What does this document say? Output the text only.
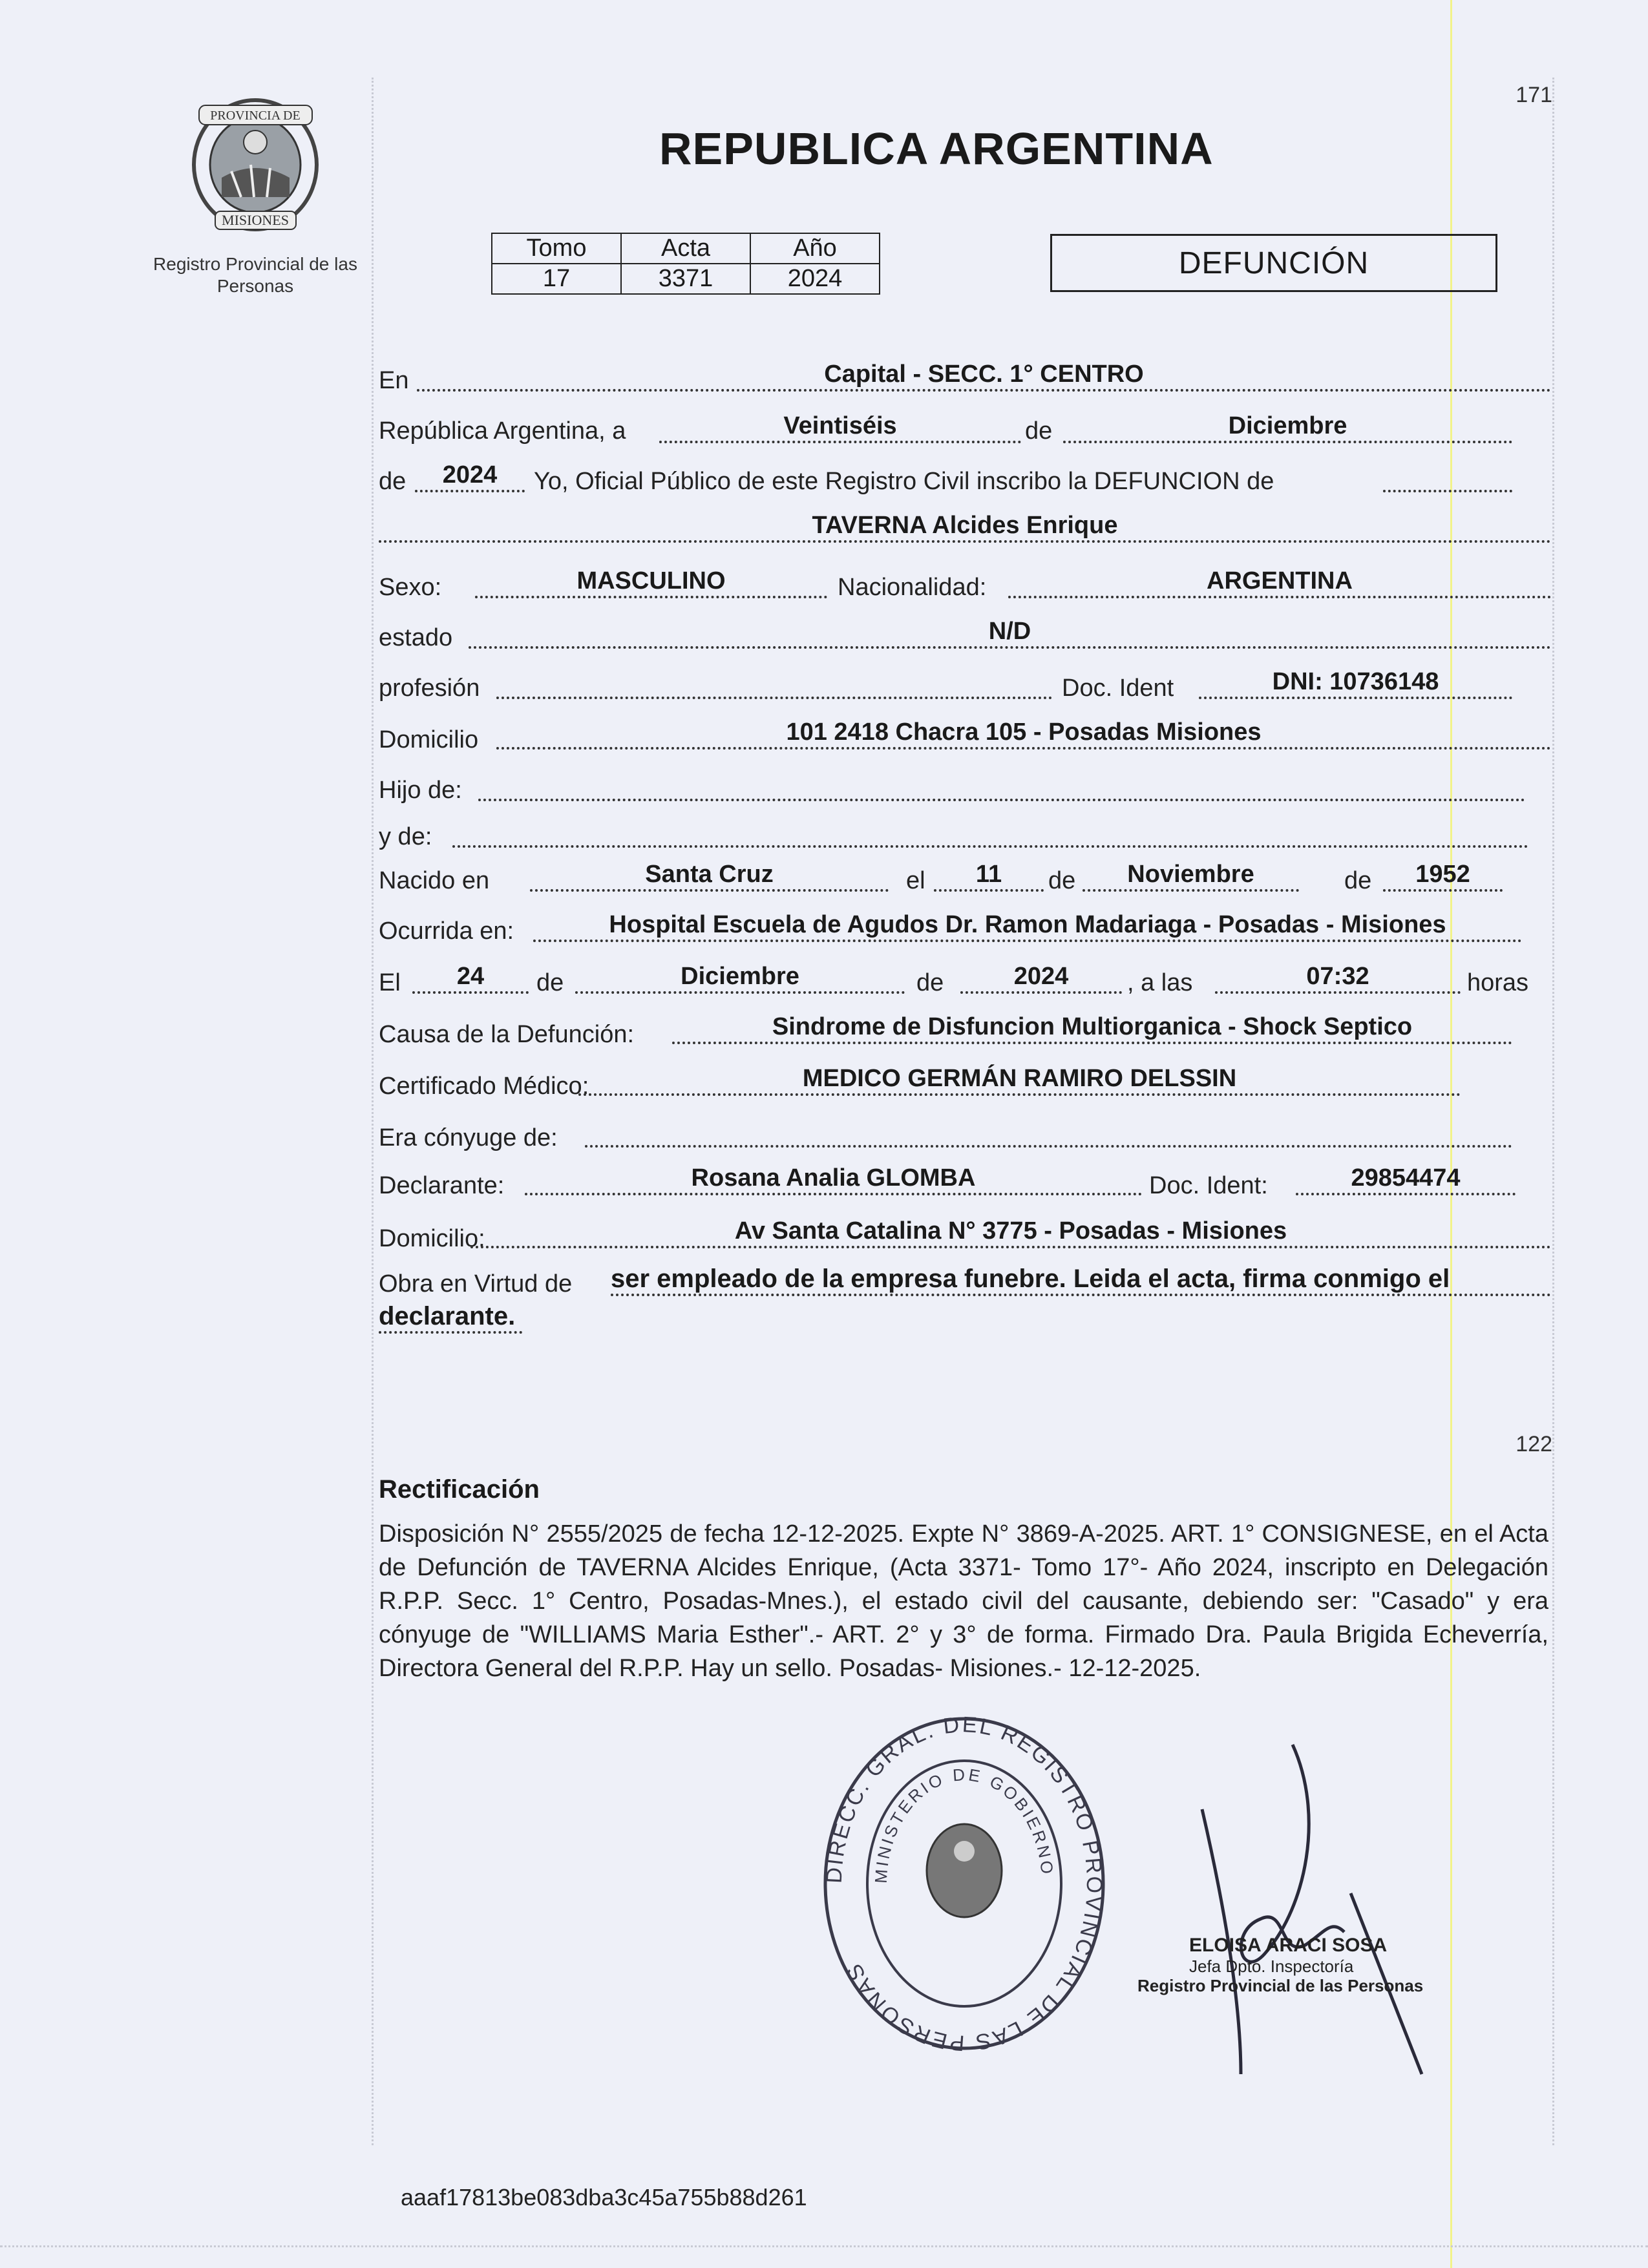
PROVINCIA DE
MISIONES
Registro Provincial de las Personas
171
REPUBLICA ARGENTINA
Tomo	Acta	Año
17	3371	2024	DEFUNCIÓN
En	Capital - SECC. 1° CENTRO
República Argentina, a	Veintiséis	de	Diciembre
de	2024	Yo, Oficial Público de este Registro Civil inscribo la DEFUNCION de
TAVERNA Alcides Enrique
Sexo:	MASCULINO	Nacionalidad:	ARGENTINA
estado	N/D
profesión	Doc. Ident	DNI: 10736148
Domicilio	101 2418 Chacra 105 - Posadas Misiones
Hijo de:
y de:
Nacido en	Santa Cruz	el	11	de	Noviembre	de	1952
Ocurrida en:	Hospital Escuela de Agudos Dr. Ramon Madariaga - Posadas - Misiones
El	24	de	Diciembre	de	2024	, a las	07:32	horas
Causa de la Defunción:	Sindrome de Disfuncion Multiorganica - Shock Septico
Certificado Médico:	MEDICO GERMÁN RAMIRO DELSSIN
Era cónyuge de:
Declarante:	Rosana Analia GLOMBA	Doc. Ident:	29854474
Domicilio:	Av Santa Catalina N° 3775 - Posadas - Misiones
Obra en Virtud de ser empleado de la empresa funebre. Leida el acta, firma conmigo el
declarante.
122
Rectificación
Disposición N° 2555/2025 de fecha 12-12-2025. Expte N° 3869-A-2025. ART. 1° CONSIGNESE, en el Acta de Defunción de TAVERNA Alcides Enrique, (Acta 3371- Tomo 17°- Año 2024, inscripto en Delegación R.P.P. Secc. 1° Centro, Posadas-Mnes.), el estado civil del causante, debiendo ser: "Casado" y era cónyuge de "WILLIAMS Maria Esther".- ART. 2° y 3° de forma. Firmado Dra. Paula Brigida Echeverría, Directora General del R.P.P. Hay un sello. Posadas- Misiones.- 12-12-2025.
DIRECC. GRAL. DEL REGISTRO PROVINCIAL DE LAS PERSONAS
MINISTERIO DE GOBIERNO
ELOISA ARACI SOSA
Jefa Dpto. Inspectoría
Registro Provincial de las Personas
aaaf17813be083dba3c45a755b88d261
